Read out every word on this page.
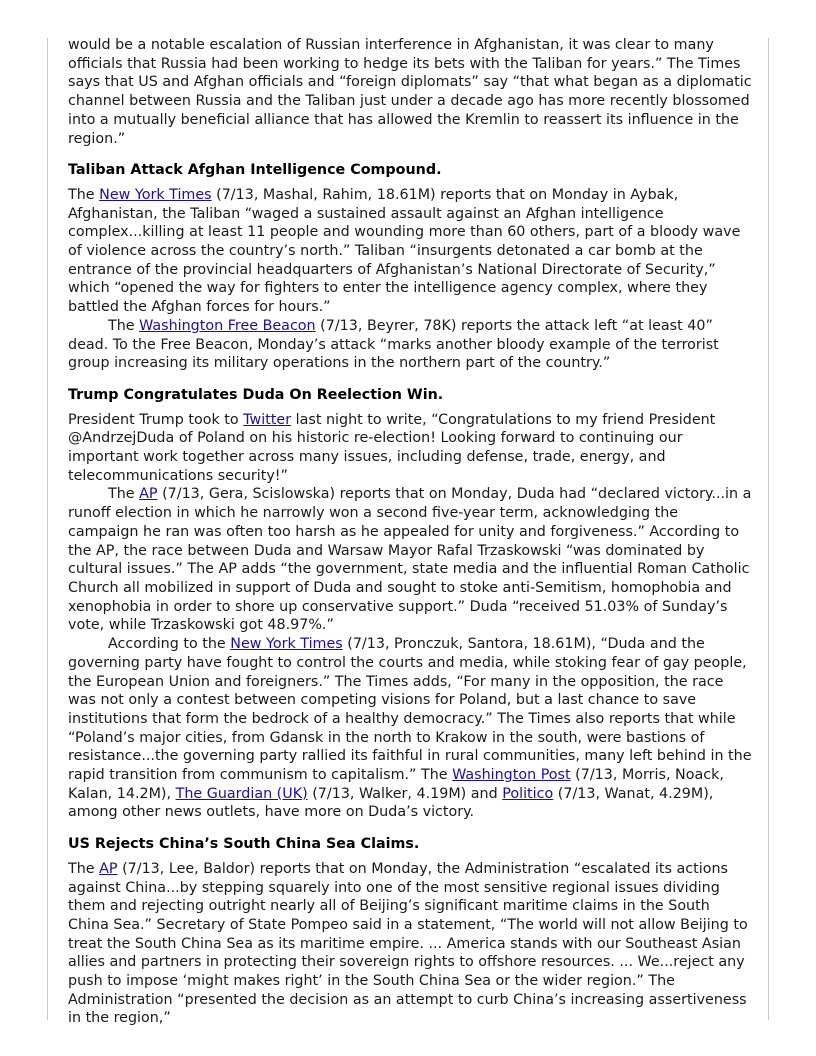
would be a notable escalation of Russian interference in Afghanistan, it was clear to many officials that Russia had been working to hedge its bets with the Taliban for years.” The Times says that US and Afghan officials and “foreign diplomats” say “that what began as a diplomatic channel between Russia and the Taliban just under a decade ago has more recently blossomed into a mutually beneficial alliance that has allowed the Kremlin to reassert its influence in the region.”

Taliban Attack Afghan Intelligence Compound.

The New York Times (7/13, Mashal, Rahim, 18.61M) reports that on Monday in Aybak, Afghanistan, the Taliban “waged a sustained assault against an Afghan intelligence complex...killing at least 11 people and wounding more than 60 others, part of a bloody wave of violence across the country’s north.” Taliban “insurgents detonated a car bomb at the entrance of the provincial headquarters of Afghanistan’s National Directorate of Security,” which “opened the way for fighters to enter the intelligence agency complex, where they battled the Afghan forces for hours.”

The Washington Free Beacon (7/13, Beyrer, 78K) reports the attack left “at least 40” dead. To the Free Beacon, Monday’s attack “marks another bloody example of the terrorist group increasing its military operations in the northern part of the country.”

Trump Congratulates Duda On Reelection Win.

President Trump took to Twitter last night to write, “Congratulations to my friend President @AndrzejDuda of Poland on his historic re-election! Looking forward to continuing our important work together across many issues, including defense, trade, energy, and telecommunications security!”

The AP (7/13, Gera, Scislowska) reports that on Monday, Duda had “declared victory...in a runoff election in which he narrowly won a second five-year term, acknowledging the campaign he ran was often too harsh as he appealed for unity and forgiveness.” According to the AP, the race between Duda and Warsaw Mayor Rafal Trzaskowski “was dominated by cultural issues.” The AP adds “the government, state media and the influential Roman Catholic Church all mobilized in support of Duda and sought to stoke anti-Semitism, homophobia and xenophobia in order to shore up conservative support.” Duda “received 51.03% of Sunday’s vote, while Trzaskowski got 48.97%.”

According to the New York Times (7/13, Pronczuk, Santora, 18.61M), “Duda and the governing party have fought to control the courts and media, while stoking fear of gay people, the European Union and foreigners.” The Times adds, “For many in the opposition, the race was not only a contest between competing visions for Poland, but a last chance to save institutions that form the bedrock of a healthy democracy.” The Times also reports that while “Poland’s major cities, from Gdansk in the north to Krakow in the south, were bastions of resistance...the governing party rallied its faithful in rural communities, many left behind in the rapid transition from communism to capitalism.” The Washington Post (7/13, Morris, Noack, Kalan, 14.2M), The Guardian (UK) (7/13, Walker, 4.19M) and Politico (7/13, Wanat, 4.29M), among other news outlets, have more on Duda’s victory.

US Rejects China’s South China Sea Claims.

The AP (7/13, Lee, Baldor) reports that on Monday, the Administration “escalated its actions against China...by stepping squarely into one of the most sensitive regional issues dividing them and rejecting outright nearly all of Beijing’s significant maritime claims in the South China Sea.” Secretary of State Pompeo said in a statement, “The world will not allow Beijing to treat the South China Sea as its maritime empire. ... America stands with our Southeast Asian allies and partners in protecting their sovereign rights to offshore resources. ... We...reject any push to impose ‘might makes right’ in the South China Sea or the wider region.” The Administration “presented the decision as an attempt to curb China’s increasing assertiveness in the region,”
